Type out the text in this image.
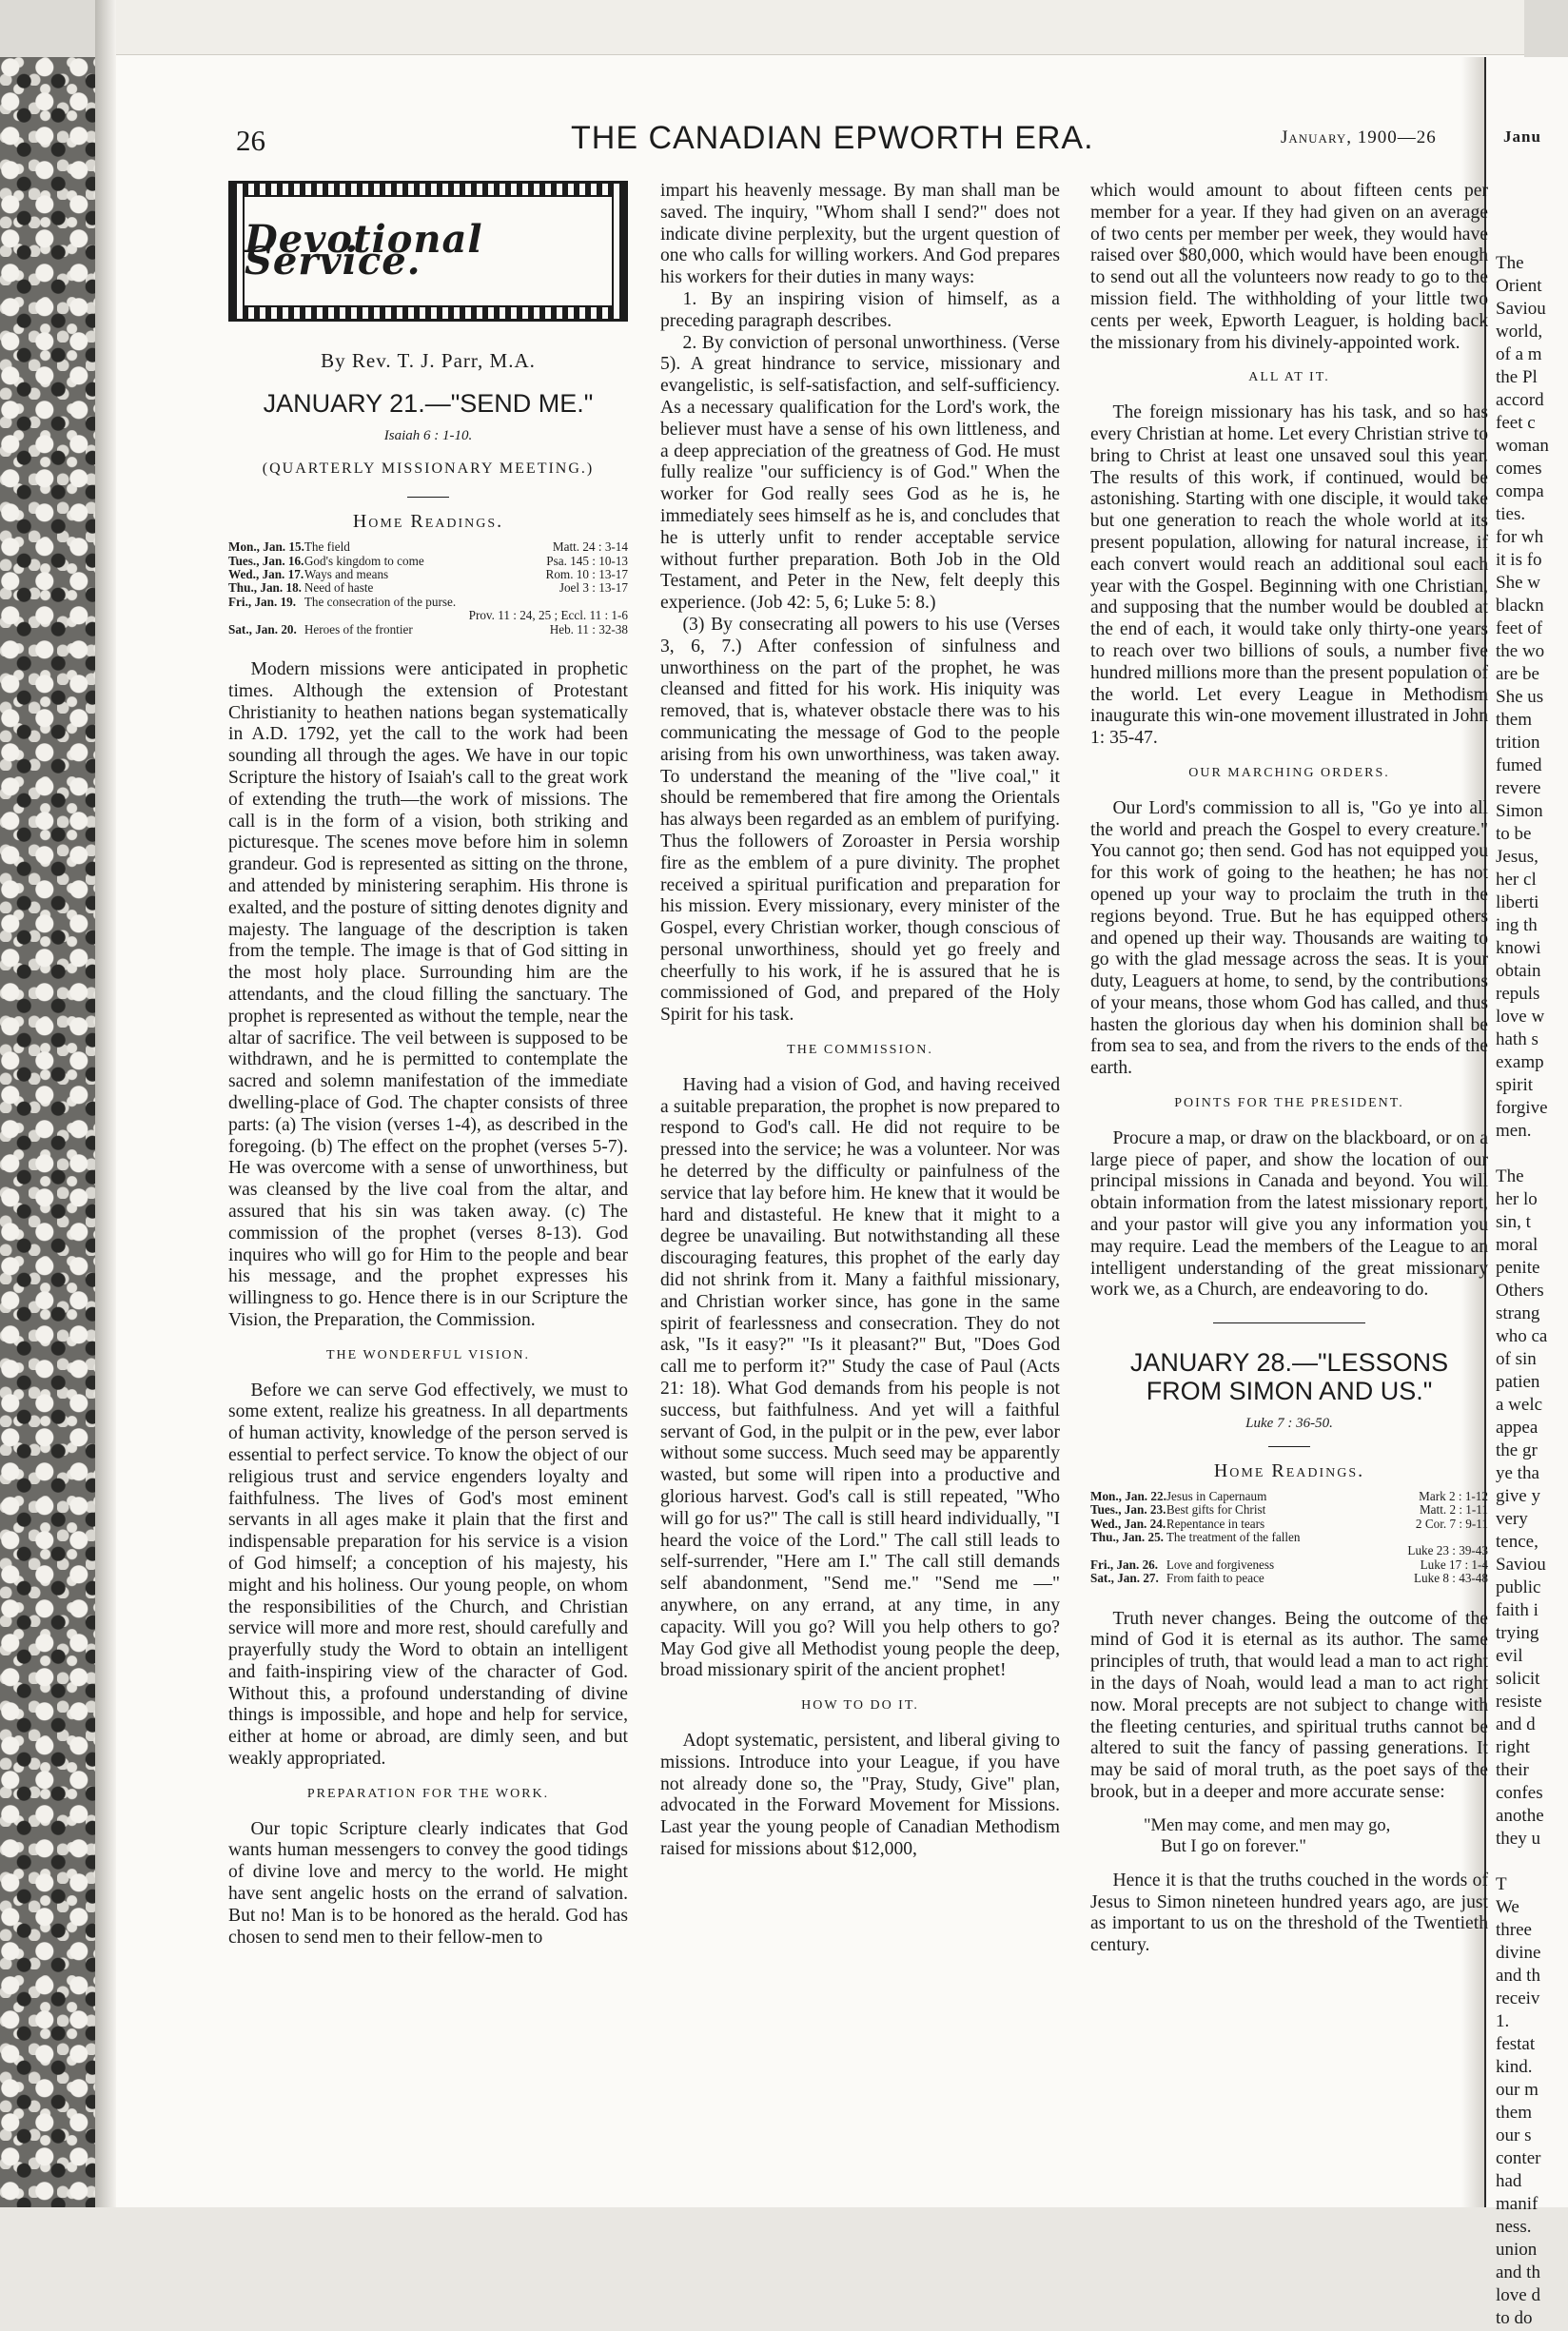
Janu
The
Orient
Saviou
world,
of a m
the Pl
accord
feet c
woman
comes
compa
ties.
for wh
it is fo
She w
blackn
feet of
the wo
are be
She us
them
trition
fumed
revere
Simon
to be
Jesus,
her cl
liberti
ing th
knowi
obtain
repuls
love w
hath s
examp
spirit
forgive
men.
The
her lo
sin, t
moral
penite
Others
strang
who ca
of sin
patien
a welc
appea
the gr
ye tha
give y
very
tence,
Saviou
public
faith i
trying
evil
solicit
resiste
and d
right
their
confes
anothe
they u
T
We
three
divine
and th
receiv
1.
festat
kind.
our m
them
our s
conter
had
manif
ness.
union
and th
love d
to do
26	THE CANADIAN EPWORTH ERA.	January, 1900—26
Devotional Service.
By Rev. T. J. Parr, M.A.
JANUARY 21.—"SEND ME."
Isaiah 6 : 1-10.
(QUARTERLY MISSIONARY MEETING.)
Home Readings.
Mon., Jan. 15.	The field	Matt. 24 : 3-14
Tues., Jan. 16.	God's kingdom to come	Psa. 145 : 10-13
Wed., Jan. 17.	Ways and means	Rom. 10 : 13-17
Thu., Jan. 18.	Need of haste	Joel 3 : 13-17
Fri., Jan. 19.	The consecration of the purse.	
	Prov. 11 : 24, 25 ; Eccl. 11 : 1-6	
Sat., Jan. 20.	Heroes of the frontier	Heb. 11 : 32-38

Modern missions were anticipated in prophetic times. Although the extension of Protestant Christianity to heathen nations began systematically in A.D. 1792, yet the call to the work had been sounding all through the ages. We have in our topic Scripture the history of Isaiah's call to the great work of extending the truth—the work of missions. The call is in the form of a vision, both striking and picturesque. The scenes move before him in solemn grandeur. God is represented as sitting on the throne, and attended by ministering seraphim. His throne is exalted, and the posture of sitting denotes dignity and majesty. The language of the description is taken from the temple. The image is that of God sitting in the most holy place. Surrounding him are the attendants, and the cloud filling the sanctuary. The prophet is represented as without the temple, near the altar of sacrifice. The veil between is supposed to be withdrawn, and he is permitted to contemplate the sacred and solemn manifestation of the immediate dwelling-place of God. The chapter consists of three parts: (a) The vision (verses 1-4), as described in the foregoing. (b) The effect on the prophet (verses 5-7). He was overcome with a sense of unworthiness, but was cleansed by the live coal from the altar, and assured that his sin was taken away. (c) The commission of the prophet (verses 8-13). God inquires who will go for Him to the people and bear his message, and the prophet expresses his willingness to go. Hence there is in our Scripture the Vision, the Preparation, the Commission.

THE WONDERFUL VISION.

Before we can serve God effectively, we must to some extent, realize his greatness. In all departments of human activity, knowledge of the person served is essential to perfect service. To know the object of our religious trust and service engenders loyalty and faithfulness. The lives of God's most eminent servants in all ages make it plain that the first and indispensable preparation for his service is a vision of God himself; a conception of his majesty, his might and his holiness. Our young people, on whom the responsibilities of the Church, and Christian service will more and more rest, should carefully and prayerfully study the Word to obtain an intelligent and faith-inspiring view of the character of God. Without this, a profound understanding of divine things is impossible, and hope and help for service, either at home or abroad, are dimly seen, and but weakly appropriated.

PREPARATION FOR THE WORK.

Our topic Scripture clearly indicates that God wants human messengers to convey the good tidings of divine love and mercy to the world. He might have sent angelic hosts on the errand of salvation. But no! Man is to be honored as the herald. God has chosen to send men to their fellow-men to

impart his heavenly message. By man shall man be saved. The inquiry, "Whom shall I send?" does not indicate divine perplexity, but the urgent question of one who calls for willing workers. And God prepares his workers for their duties in many ways:

1. By an inspiring vision of himself, as a preceding paragraph describes.

2. By conviction of personal unworthiness. (Verse 5). A great hindrance to service, missionary and evangelistic, is self-satisfaction, and self-sufficiency. As a necessary qualification for the Lord's work, the believer must have a sense of his own littleness, and a deep appreciation of the greatness of God. He must fully realize "our sufficiency is of God." When the worker for God really sees God as he is, he immediately sees himself as he is, and concludes that he is utterly unfit to render acceptable service without further preparation. Both Job in the Old Testament, and Peter in the New, felt deeply this experience. (Job 42: 5, 6; Luke 5: 8.)

(3) By consecrating all powers to his use (Verses 3, 6, 7.) After confession of sinfulness and unworthiness on the part of the prophet, he was cleansed and fitted for his work. His iniquity was removed, that is, whatever obstacle there was to his communicating the message of God to the people arising from his own unworthiness, was taken away. To understand the meaning of the "live coal," it should be remembered that fire among the Orientals has always been regarded as an emblem of purifying. Thus the followers of Zoroaster in Persia worship fire as the emblem of a pure divinity. The prophet received a spiritual purification and preparation for his mission. Every missionary, every minister of the Gospel, every Christian worker, though conscious of personal unworthiness, should yet go freely and cheerfully to his work, if he is assured that he is commissioned of God, and prepared of the Holy Spirit for his task.

THE COMMISSION.

Having had a vision of God, and having received a suitable preparation, the prophet is now prepared to respond to God's call. He did not require to be pressed into the service; he was a volunteer. Nor was he deterred by the difficulty or painfulness of the service that lay before him. He knew that it would be hard and distasteful. He knew that it might to a degree be unavailing. But notwithstanding all these discouraging features, this prophet of the early day did not shrink from it. Many a faithful missionary, and Christian worker since, has gone in the same spirit of fearlessness and consecration. They do not ask, "Is it easy?" "Is it pleasant?" But, "Does God call me to perform it?" Study the case of Paul (Acts 21: 18). What God demands from his people is not success, but faithfulness. And yet will a faithful servant of God, in the pulpit or in the pew, ever labor without some success. Much seed may be apparently wasted, but some will ripen into a productive and glorious harvest. God's call is still repeated, "Who will go for us?" The call is still heard individually, "I heard the voice of the Lord." The call still leads to self-surrender, "Here am I." The call still demands self abandonment, "Send me." "Send me —" anywhere, on any errand, at any time, in any capacity. Will you go? Will you help others to go? May God give all Methodist young people the deep, broad missionary spirit of the ancient prophet!

HOW TO DO IT.

Adopt systematic, persistent, and liberal giving to missions. Introduce into your League, if you have not already done so, the "Pray, Study, Give" plan, advocated in the Forward Movement for Missions. Last year the young people of Canadian Methodism raised for missions about $12,000,

which would amount to about fifteen cents per member for a year. If they had given on an average of two cents per member per week, they would have raised over $80,000, which would have been enough to send out all the volunteers now ready to go to the mission field. The withholding of your little two cents per week, Epworth Leaguer, is holding back the missionary from his divinely-appointed work.

ALL AT IT.

The foreign missionary has his task, and so has every Christian at home. Let every Christian strive to bring to Christ at least one unsaved soul this year. The results of this work, if continued, would be astonishing. Starting with one disciple, it would take but one generation to reach the whole world at its present population, allowing for natural increase, if each convert would reach an additional soul each year with the Gospel. Beginning with one Christian, and supposing that the number would be doubled at the end of each, it would take only thirty-one years to reach over two billions of souls, a number five hundred millions more than the present population of the world. Let every League in Methodism inaugurate this win-one movement illustrated in John 1: 35-47.

OUR MARCHING ORDERS.

Our Lord's commission to all is, "Go ye into all the world and preach the Gospel to every creature." You cannot go; then send. God has not equipped you for this work of going to the heathen; he has not opened up your way to proclaim the truth in the regions beyond. True. But he has equipped others and opened up their way. Thousands are waiting to go with the glad message across the seas. It is your duty, Leaguers at home, to send, by the contributions of your means, those whom God has called, and thus hasten the glorious day when his dominion shall be from sea to sea, and from the rivers to the ends of the earth.

POINTS FOR THE PRESIDENT.

Procure a map, or draw on the blackboard, or on a large piece of paper, and show the location of our principal missions in Canada and beyond. You will obtain information from the latest missionary report, and your pastor will give you any information you may require. Lead the members of the League to an intelligent understanding of the great missionary work we, as a Church, are endeavoring to do.

JANUARY 28.—"LESSONS FROM SIMON AND US."
Luke 7 : 36-50.
Home Readings.
Mon., Jan. 22.	Jesus in Capernaum	Mark 2 : 1-12
Tues., Jan. 23.	Best gifts for Christ	Matt. 2 : 1-11
Wed., Jan. 24.	Repentance in tears	2 Cor. 7 : 9-11
Thu., Jan. 25.	The treatment of the fallen	
		Luke 23 : 39-43
Fri., Jan. 26.	Love and forgiveness	Luke 17 : 1-4
Sat., Jan. 27.	From faith to peace	Luke 8 : 43-48

Truth never changes. Being the outcome of the mind of God it is eternal as its author. The same principles of truth, that would lead a man to act right in the days of Noah, would lead a man to act right now. Moral precepts are not subject to change with the fleeting centuries, and spiritual truths cannot be altered to suit the fancy of passing generations. It may be said of moral truth, as the poet says of the brook, but in a deeper and more accurate sense:

"Men may come, and men may go,
But I go on forever."

Hence it is that the truths couched in the words of Jesus to Simon nineteen hundred years ago, are just as important to us on the threshold of the Twentieth century.
